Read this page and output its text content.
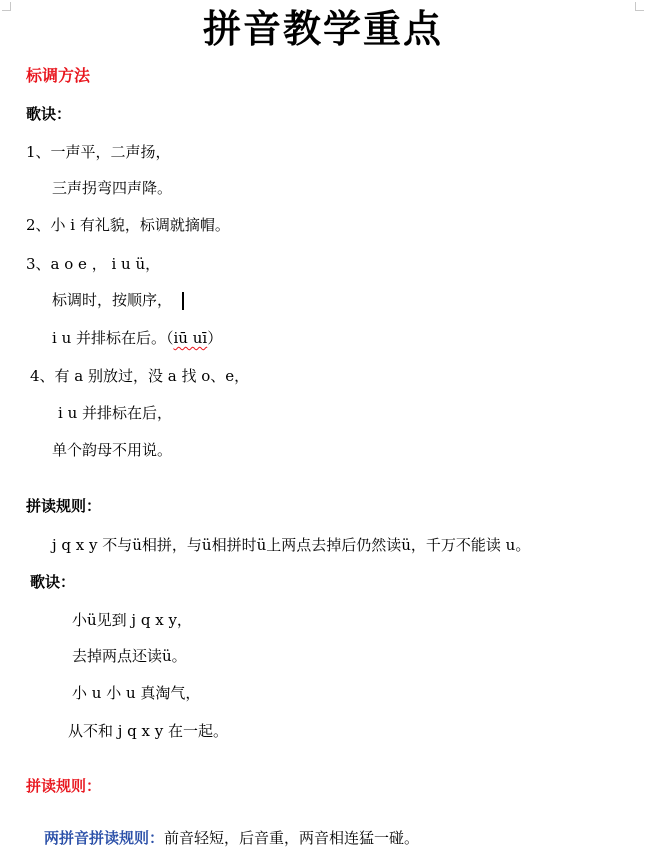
拼音教学重点
标调方法
歌诀：
1、一声平，二声扬，
三声拐弯四声降。
2、小 i 有礼貌，标调就摘帽。
3、a o e ， i u ü，
标调时，按顺序，
i u 并排标在后。（iū uī）
4、有 a 别放过，没 a 找 o、e，
i u 并排标在后，
单个韵母不用说。
拼读规则：
j q x y 不与ü相拼，与ü相拼时ü上两点去掉后仍然读ü，千万不能读 u。
歌诀：
小ü见到 j q x y，
去掉两点还读ü。
小 u 小 u 真淘气，
从不和 j q x y 在一起。
拼读规则：
两拼音拼读规则：前音轻短，后音重，两音相连猛一碰。
